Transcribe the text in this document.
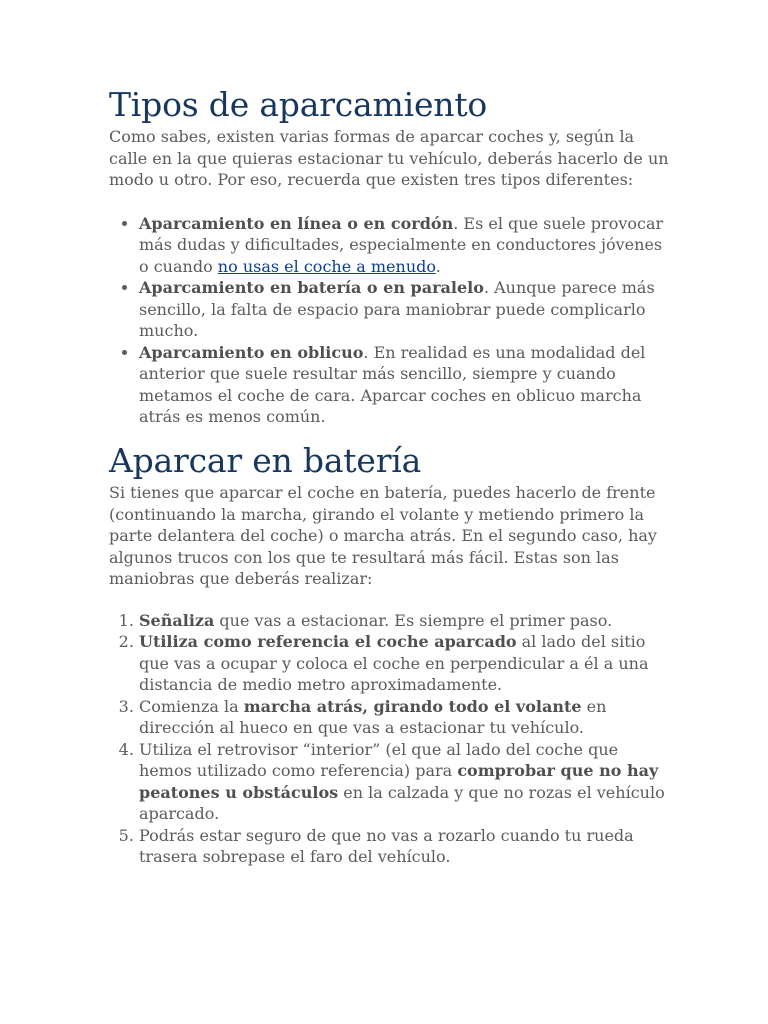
Tipos de aparcamiento

Como sabes, existen varias formas de aparcar coches y, según la calle en la que quieras estacionar tu vehículo, deberás hacerlo de un modo u otro. Por eso, recuerda que existen tres tipos diferentes:

• Aparcamiento en línea o en cordón. Es el que suele provocar más dudas y dificultades, especialmente en conductores jóvenes o cuando no usas el coche a menudo.
• Aparcamiento en batería o en paralelo. Aunque parece más sencillo, la falta de espacio para maniobrar puede complicarlo mucho.
• Aparcamiento en oblicuo. En realidad es una modalidad del anterior que suele resultar más sencillo, siempre y cuando metamos el coche de cara. Aparcar coches en oblicuo marcha atrás es menos común.
Aparcar en batería

Si tienes que aparcar el coche en batería, puedes hacerlo de frente (continuando la marcha, girando el volante y metiendo primero la parte delantera del coche) o marcha atrás. En el segundo caso, hay algunos trucos con los que te resultará más fácil. Estas son las maniobras que deberás realizar:

1. Señaliza que vas a estacionar. Es siempre el primer paso.
2. Utiliza como referencia el coche aparcado al lado del sitio que vas a ocupar y coloca el coche en perpendicular a él a una distancia de medio metro aproximadamente.
3. Comienza la marcha atrás, girando todo el volante en dirección al hueco en que vas a estacionar tu vehículo.
4. Utiliza el retrovisor “interior” (el que al lado del coche que hemos utilizado como referencia) para comprobar que no hay peatones u obstáculos en la calzada y que no rozas el vehículo aparcado.
5. Podrás estar seguro de que no vas a rozarlo cuando tu rueda trasera sobrepase el faro del vehículo.
